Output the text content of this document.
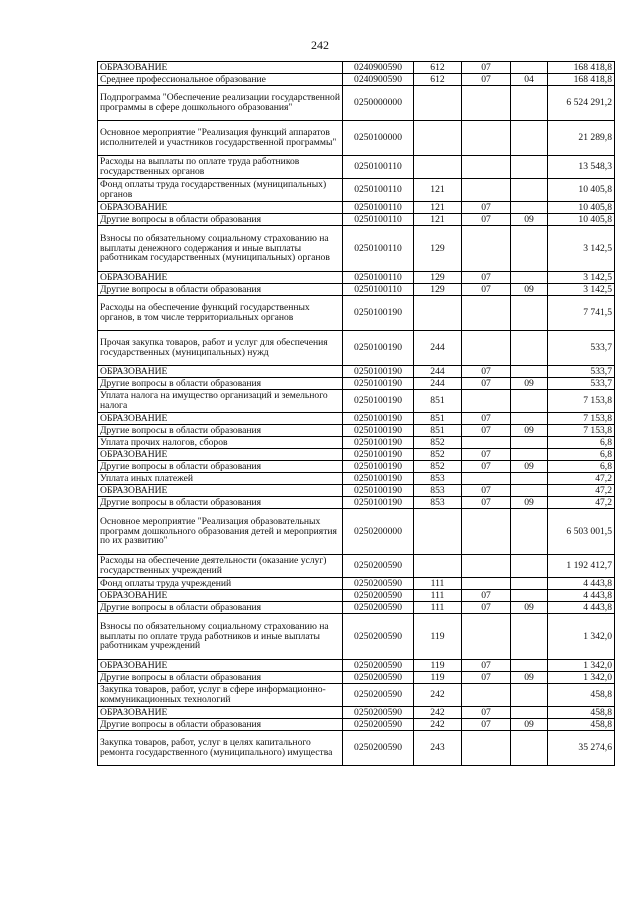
242
ОБРАЗОВАНИЕ	0240900590	612	07		168 418,8
Среднее профессиональное образование	0240900590	612	07	04	168 418,8
Подпрограмма "Обеспечение реализации государственной программы в сфере дошкольного образования"	0250000000				6 524 291,2
Основное мероприятие "Реализация функций аппаратов исполнителей и участников государственной программы"	0250100000				21 289,8
Расходы на выплаты по оплате труда работников государственных органов	0250100110				13 548,3
Фонд оплаты труда государственных (муниципальных) органов	0250100110	121			10 405,8
ОБРАЗОВАНИЕ	0250100110	121	07		10 405,8
Другие вопросы в области образования	0250100110	121	07	09	10 405,8
Взносы по обязательному социальному страхованию на выплаты денежного содержания и иные выплаты работникам государственных (муниципальных) органов	0250100110	129			3 142,5
ОБРАЗОВАНИЕ	0250100110	129	07		3 142,5
Другие вопросы в области образования	0250100110	129	07	09	3 142,5
Расходы на обеспечение функций государственных органов, в том числе территориальных органов	0250100190				7 741,5
Прочая закупка товаров, работ и услуг для обеспечения государственных (муниципальных) нужд	0250100190	244			533,7
ОБРАЗОВАНИЕ	0250100190	244	07		533,7
Другие вопросы в области образования	0250100190	244	07	09	533,7
Уплата налога на имущество организаций и земельного налога	0250100190	851			7 153,8
ОБРАЗОВАНИЕ	0250100190	851	07		7 153,8
Другие вопросы в области образования	0250100190	851	07	09	7 153,8
Уплата прочих налогов, сборов	0250100190	852			6,8
ОБРАЗОВАНИЕ	0250100190	852	07		6,8
Другие вопросы в области образования	0250100190	852	07	09	6,8
Уплата иных платежей	0250100190	853			47,2
ОБРАЗОВАНИЕ	0250100190	853	07		47,2
Другие вопросы в области образования	0250100190	853	07	09	47,2
Основное мероприятие "Реализация образовательных программ дошкольного образования детей и мероприятия по их развитию"	0250200000				6 503 001,5
Расходы на обеспечение деятельности (оказание услуг) государственных учреждений	0250200590				1 192 412,7
Фонд оплаты труда учреждений	0250200590	111			4 443,8
ОБРАЗОВАНИЕ	0250200590	111	07		4 443,8
Другие вопросы в области образования	0250200590	111	07	09	4 443,8
Взносы по обязательному социальному страхованию на выплаты по оплате труда работников и иные выплаты работникам учреждений	0250200590	119			1 342,0
ОБРАЗОВАНИЕ	0250200590	119	07		1 342,0
Другие вопросы в области образования	0250200590	119	07	09	1 342,0
Закупка товаров, работ, услуг в сфере информационно-коммуникационных технологий	0250200590	242			458,8
ОБРАЗОВАНИЕ	0250200590	242	07		458,8
Другие вопросы в области образования	0250200590	242	07	09	458,8
Закупка товаров, работ, услуг в целях капитального ремонта государственного (муниципального) имущества	0250200590	243			35 274,6
